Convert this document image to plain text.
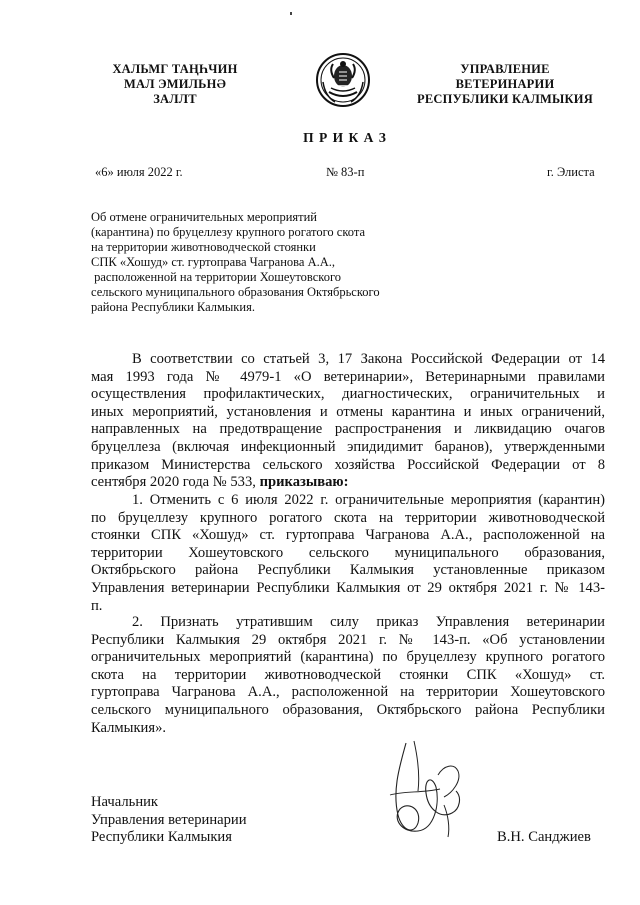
ХАЛЬМГ ТАҢҺЧИН
МАЛ ЭМИЛЬНӘ
ЗАЛЛТ
УПРАВЛЕНИЕ
ВЕТЕРИНАРИИ
РЕСПУБЛИКИ КАЛМЫКИЯ
П Р И К А З
«6» июля 2022 г.	№ 83-п	г. Элиста
Об отмене ограничительных мероприятий
(карантина) по бруцеллезу крупного рогатого скота
на территории животноводческой стоянки
СПК «Хошуд» ст. гуртоправа Чагранова А.А.,
расположенной на территории Хошеутовского
сельского муниципального образования Октябрьского
района Республики Калмыкия.
В соответствии со статьей 3, 17 Закона Российской Федерации от 14
мая 1993 года № 4979-1 «О ветеринарии», Ветеринарными правилами
осуществления профилактических, диагностических, ограничительных и
иных мероприятий, установления и отмены карантина и иных ограничений,
направленных на предотвращение распространения и ликвидацию очагов
бруцеллеза (включая инфекционный эпидидимит баранов), утвержденными
приказом Министерства сельского хозяйства Российской Федерации от 8
сентября 2020 года № 533, приказываю:
1. Отменить с 6 июля 2022 г. ограничительные мероприятия (карантин)
по бруцеллезу крупного рогатого скота на территории животноводческой
стоянки СПК «Хошуд» ст. гуртоправа Чагранова А.А., расположенной на
территории Хошеутовского сельского муниципального образования,
Октябрьского района Республики Калмыкия установленные приказом
Управления ветеринарии Республики Калмыкия от 29 октября 2021 г. № 143-
п.
2. Признать утратившим силу приказ Управления ветеринарии
Республики Калмыкия 29 октября 2021 г. № 143-п. «Об установлении
ограничительных мероприятий (карантина) по бруцеллезу крупного рогатого
скота на территории животноводческой стоянки СПК «Хошуд» ст.
гуртоправа Чагранова А.А., расположенной на территории Хошеутовского
сельского муниципального образования, Октябрьского района Республики
Калмыкия».
Начальник
Управления ветеринарии
Республики Калмыкия	В.Н. Санджиев
